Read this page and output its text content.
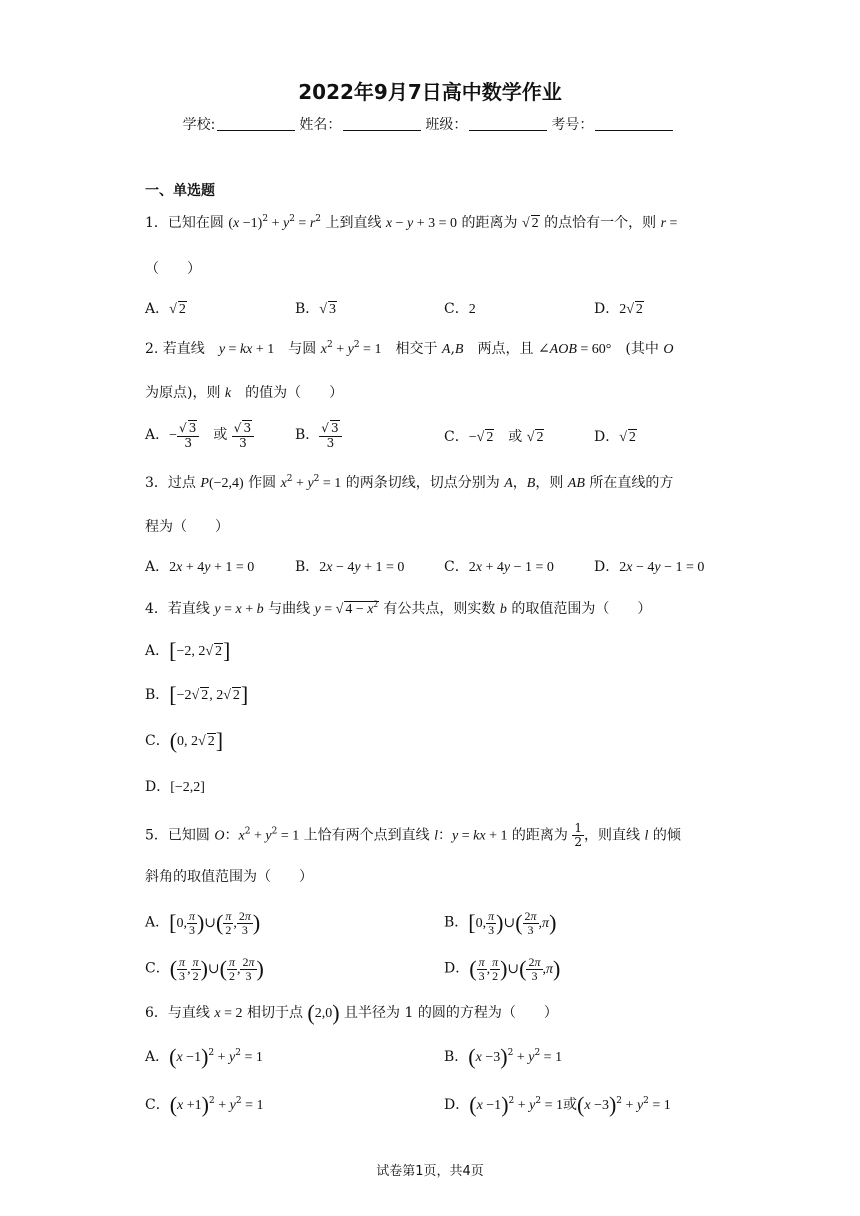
2022年9月7日高中数学作业
学校:	姓名：	班级：	考号：
一、单选题
1．已知在圆 $(x -1)^2 + y^2 = r^2$ 上到直线 x − y + 3 = 0 的距离为 √ 2 的点恰有一个，则 r =
（　　）
A．√ 2	B．√ 3	C．2	D．2√ 2
2. 若直线　y = kx + 1　与圆 $x^2 + y^2 = 1$　相交于 A,B　两点，且 ∠AOB = 60°　(其中 O
为原点)，则 k　的值为（　　）
A．− $\frac{√ 3}{3}$ 　或 $\frac{√ 3}{3}$	B． $\frac{√ 3}{3}$	C．−√ 2　或 √ 2	D．√ 2
3．过点 P(−2,4) 作圆 $x^2 + y^2 = 1$ 的两条切线，切点分别为 A，B，则 AB 所在直线的方
程为（　　）
A．2x + 4y + 1 = 0	B．2x − 4y + 1 = 0	C．2x + 4y − 1 = 0	D．2x − 4y − 1 = 0
4．若直线 y = x + b 与曲线 y = √ $4 - x^2$ 有公共点，则实数 b 的取值范围为（　　）
A．[−2, 2√ 2]
B．[−2√ 2, 2√ 2]
C．(0, 2√ 2]
D．[−2,2]
5．已知圆 O：$x^2 + y^2 = 1$ 上恰有两个点到直线 l：y = kx + 1 的距离为 $\frac{1}{2}$ ，则直线 l 的倾
斜角的取值范围为（　　）
A．[0, $\frac{\pi}{3}$ )∪( $\frac{\pi}{2}$ , $\frac{2\pi}{3}$ )	B．[0, $\frac{\pi}{3}$ )∪( $\frac{2\pi}{3} ,\pi$)
C．( $\frac{\pi}{3}$ , $\frac{\pi}{2}$ )∪( $\frac{\pi}{2}$ , $\frac{2\pi}{3}$ )	D．( $\frac{\pi}{3}$ , $\frac{\pi}{2}$ )∪( $\frac{2\pi}{3} ,\pi$)
6．与直线 x = 2 相切于点 (2,0) 且半径为 1 的圆的方程为（　　）
A．$(x -1)^2 + y^2 = 1$	B．$(x -3)^2 + y^2 = 1$
C．$(x +1)^2 + y^2 = 1$	D．$(x -1)^2 + y^2 = 1$或$(x -3)^2 + y^2 = 1$
试卷第1页，共4页
